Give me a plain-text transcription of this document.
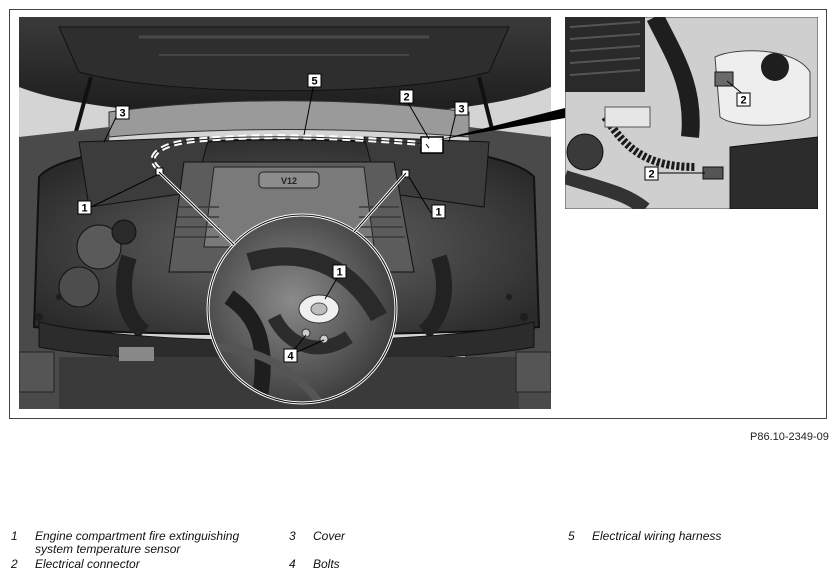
V12
5
2
3	3
1	1
1
4
2
2
P86.10-2349-09
1 Engine compartment fire extinguishing system temperature sensor
2 Electrical connector
3 Cover
4 Bolts
5 Electrical wiring harness
